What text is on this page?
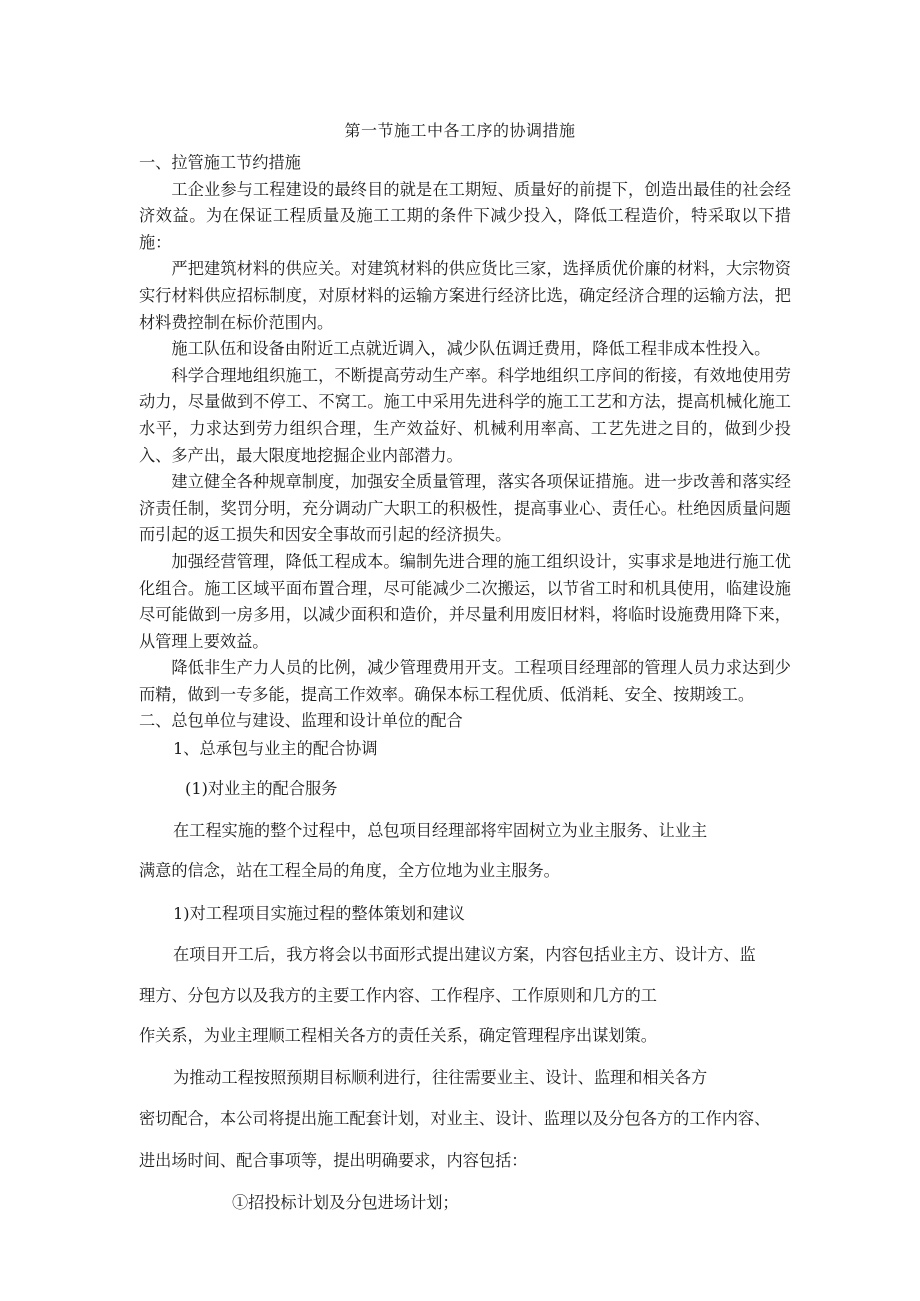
第一节施工中各工序的协调措施

一、拉管施工节约措施

工企业参与工程建设的最终目的就是在工期短、质量好的前提下，创造出最佳的社会经济效益。为在保证工程质量及施工工期的条件下减少投入，降低工程造价，特采取以下措施：

严把建筑材料的供应关。对建筑材料的供应货比三家，选择质优价廉的材料，大宗物资实行材料供应招标制度，对原材料的运输方案进行经济比选，确定经济合理的运输方法，把材料费控制在标价范围内。

施工队伍和设备由附近工点就近调入，减少队伍调迁费用，降低工程非成本性投入。

科学合理地组织施工，不断提高劳动生产率。科学地组织工序间的衔接，有效地使用劳动力，尽量做到不停工、不窝工。施工中采用先进科学的施工工艺和方法，提高机械化施工水平，力求达到劳力组织合理，生产效益好、机械利用率高、工艺先进之目的，做到少投入、多产出，最大限度地挖掘企业内部潜力。

建立健全各种规章制度，加强安全质量管理，落实各项保证措施。进一步改善和落实经济责任制，奖罚分明，充分调动广大职工的积极性，提高事业心、责任心。杜绝因质量问题而引起的返工损失和因安全事故而引起的经济损失。

加强经营管理，降低工程成本。编制先进合理的施工组织设计，实事求是地进行施工优化组合。施工区域平面布置合理，尽可能减少二次搬运，以节省工时和机具使用，临建设施尽可能做到一房多用，以减少面积和造价，并尽量利用废旧材料，将临时设施费用降下来，从管理上要效益。

降低非生产力人员的比例，减少管理费用开支。工程项目经理部的管理人员力求达到少而精，做到一专多能，提高工作效率。确保本标工程优质、低消耗、安全、按期竣工。

二、总包单位与建设、监理和设计单位的配合

1、总承包与业主的配合协调
(1)对业主的配合服务
在工程实施的整个过程中，总包项目经理部将牢固树立为业主服务、让业主
满意的信念，站在工程全局的角度，全方位地为业主服务。
1)对工程项目实施过程的整体策划和建议
在项目开工后，我方将会以书面形式提出建议方案，内容包括业主方、设计方、监
理方、分包方以及我方的主要工作内容、工作程序、工作原则和几方的工
作关系，为业主理顺工程相关各方的责任关系，确定管理程序出谋划策。
为推动工程按照预期目标顺利进行，往往需要业主、设计、监理和相关各方
密切配合，本公司将提出施工配套计划，对业主、设计、监理以及分包各方的工作内容、
进出场时间、配合事项等，提出明确要求，内容包括：
①招投标计划及分包进场计划；
